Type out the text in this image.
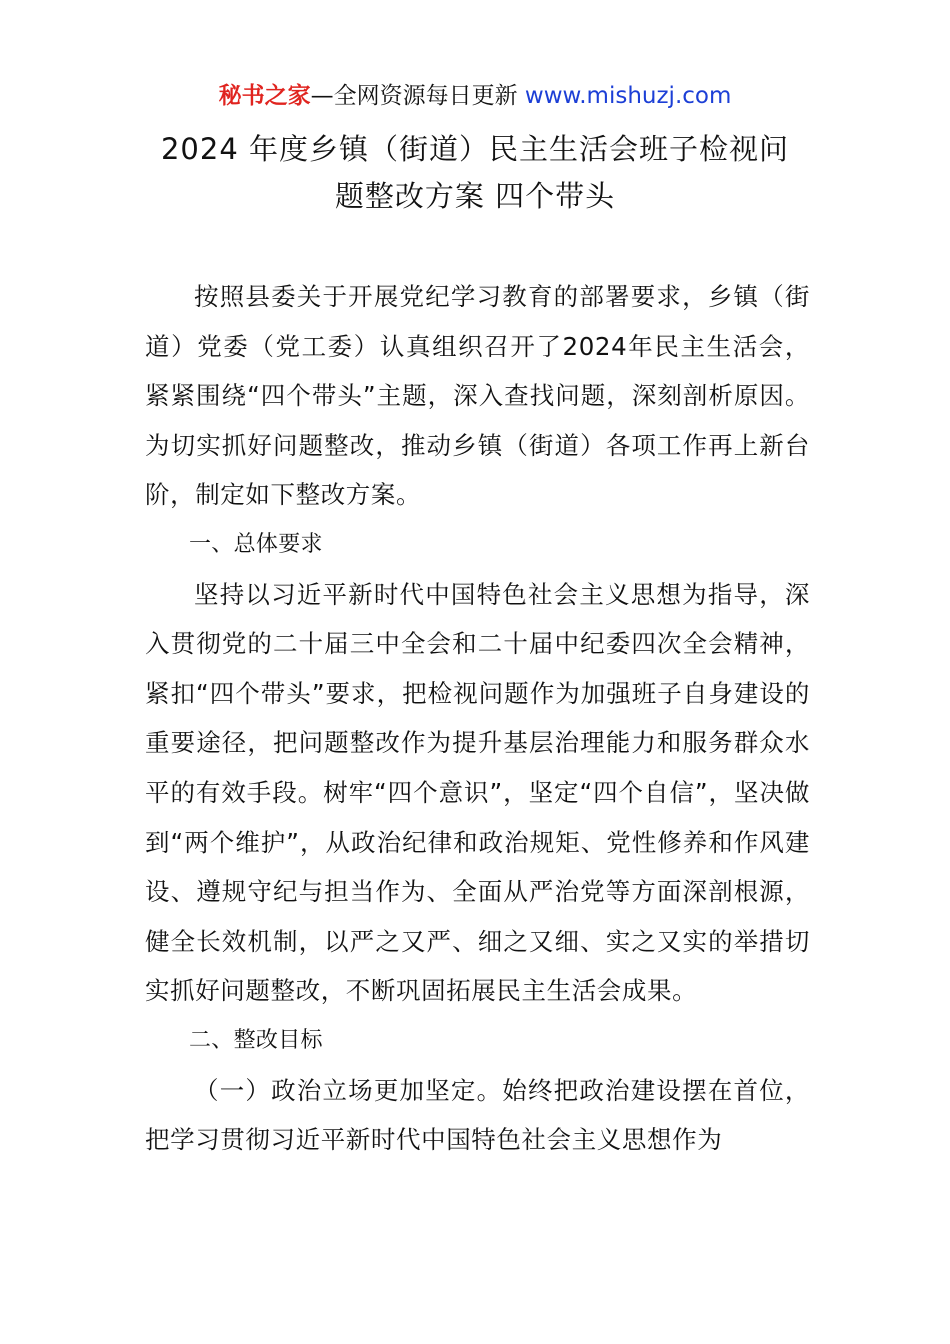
秘书之家—全网资源每日更新 www.mishuzj.com
2024 年度乡镇（街道）民主生活会班子检视问
题整改方案 四个带头

按照县委关于开展党纪学习教育的部署要求，乡镇（街道）党委（党工委）认真组织召开了2024年民主生活会，紧紧围绕“四个带头”主题，深入查找问题，深刻剖析原因。为切实抓好问题整改，推动乡镇（街道）各项工作再上新台阶，制定如下整改方案。

一、总体要求

坚持以习近平新时代中国特色社会主义思想为指导，深入贯彻党的二十届三中全会和二十届中纪委四次全会精神，紧扣“四个带头”要求，把检视问题作为加强班子自身建设的重要途径，把问题整改作为提升基层治理能力和服务群众水平的有效手段。树牢“四个意识”，坚定“四个自信”，坚决做到“两个维护”，从政治纪律和政治规矩、党性修养和作风建设、遵规守纪与担当作为、全面从严治党等方面深剖根源，健全长效机制，以严之又严、细之又细、实之又实的举措切实抓好问题整改，不断巩固拓展民主生活会成果。

二、整改目标

（一）政治立场更加坚定。始终把政治建设摆在首位，把学习贯彻习近平新时代中国特色社会主义思想作为
